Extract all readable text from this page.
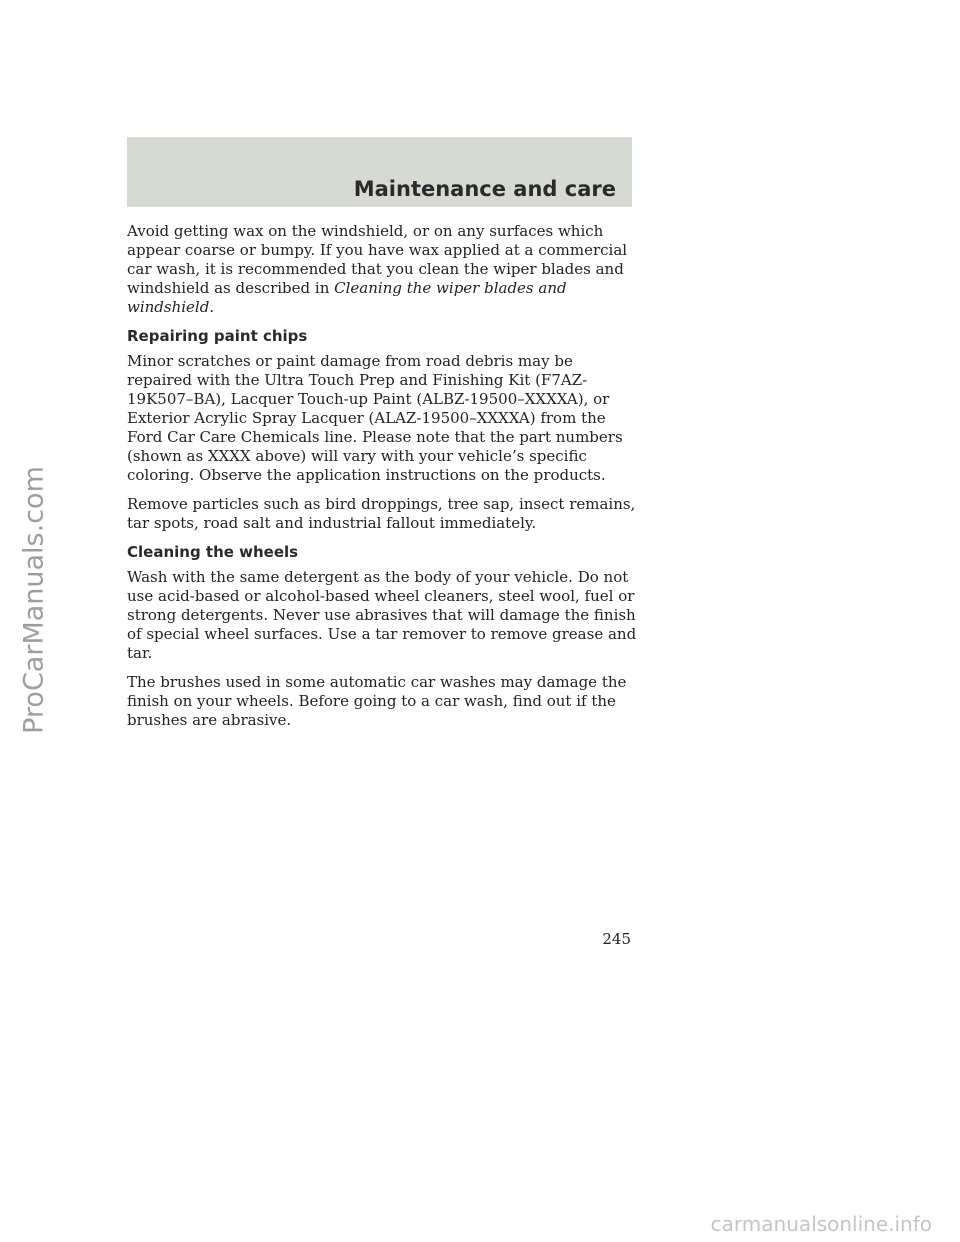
Maintenance and care

Avoid getting wax on the windshield, or on any surfaces which appear coarse or bumpy. If you have wax applied at a commercial car wash, it is recommended that you clean the wiper blades and windshield as described in Cleaning the wiper blades and windshield.

Repairing paint chips

Minor scratches or paint damage from road debris may be repaired with the Ultra Touch Prep and Finishing Kit (F7AZ-19K507–BA), Lacquer Touch-up Paint (ALBZ-19500–XXXXA), or Exterior Acrylic Spray Lacquer (ALAZ-19500–XXXXA) from the Ford Car Care Chemicals line. Please note that the part numbers (shown as XXXX above) will vary with your vehicle’s specific coloring. Observe the application instructions on the products.

Remove particles such as bird droppings, tree sap, insect remains, tar spots, road salt and industrial fallout immediately.

Cleaning the wheels

Wash with the same detergent as the body of your vehicle. Do not use acid-based or alcohol-based wheel cleaners, steel wool, fuel or strong detergents. Never use abrasives that will damage the finish of special wheel surfaces. Use a tar remover to remove grease and tar.

The brushes used in some automatic car washes may damage the finish on your wheels. Before going to a car wash, find out if the brushes are abrasive.

245
ProCarManuals.com
carmanualsonline.info
